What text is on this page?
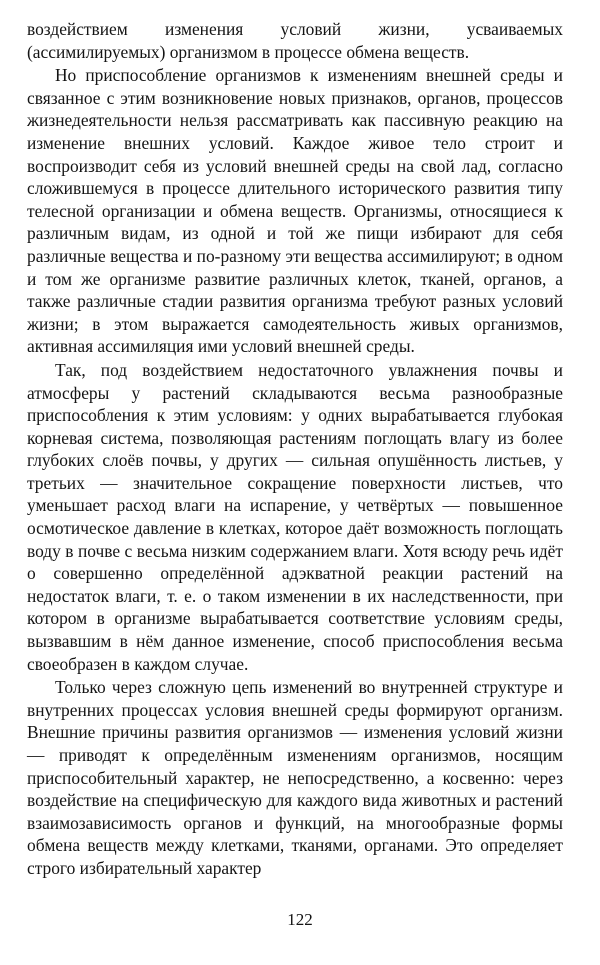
воздействием изменения условий жизни, усваиваемых (ассимилируемых) организмом в процессе обмена веществ.

Но приспособление организмов к изменениям внешней среды и связанное с этим возникновение новых признаков, органов, процессов жизнедеятельности нельзя рассматривать как пассивную реакцию на изменение внешних условий. Каждое живое тело строит и воспроизводит себя из условий внешней среды на свой лад, согласно сложившемуся в процессе длительного исторического развития типу телесной организации и обмена веществ. Организмы, относящиеся к различным видам, из одной и той же пищи избирают для себя различные вещества и по-разному эти вещества ассимилируют; в одном и том же организме развитие различных клеток, тканей, органов, а также различные стадии развития организма требуют разных условий жизни; в этом выражается самодеятельность живых организмов, активная ассимиляция ими условий внешней среды.

Так, под воздействием недостаточного увлажнения почвы и атмосферы у растений складываются весьма разнообразные приспособления к этим условиям: у одних вырабатывается глубокая корневая система, позволяющая растениям поглощать влагу из более глубоких слоёв почвы, у других — сильная опушённость листьев, у третьих — значительное сокращение поверхности листьев, что уменьшает расход влаги на испарение, у четвёртых — повышенное осмотическое давление в клетках, которое даёт возможность поглощать воду в почве с весьма низким содержанием влаги. Хотя всюду речь идёт о совершенно определённой адэкватной реакции растений на недостаток влаги, т. е. о таком изменении в их наследственности, при котором в организме вырабатывается соответствие условиям среды, вызвавшим в нём данное изменение, способ приспособления весьма своеобразен в каждом случае.

Только через сложную цепь изменений во внутренней структуре и внутренних процессах условия внешней среды формируют организм. Внешние причины развития организмов — изменения условий жизни — приводят к определённым изменениям организмов, носящим приспособительный характер, не непосредственно, а косвенно: через воздействие на специфическую для каждого вида животных и растений взаимозависимость органов и функций, на многообразные формы обмена веществ между клетками, тканями, органами. Это определяет строго избирательный характер

122
